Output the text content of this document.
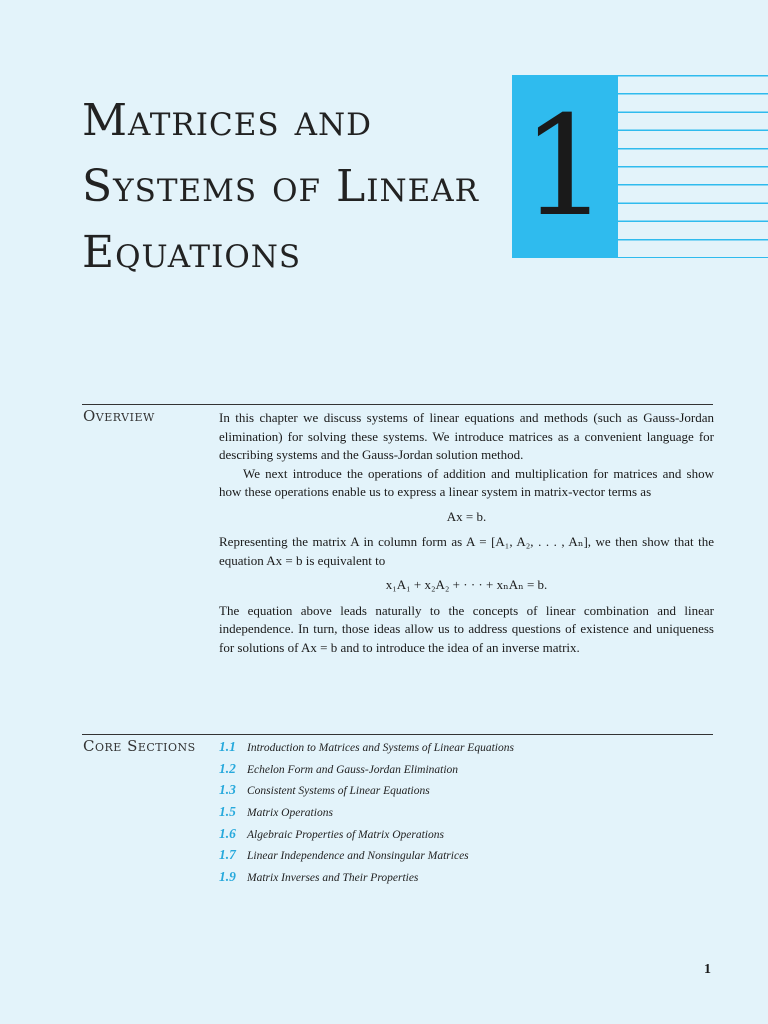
Matrices and
Systems of Linear
Equations
1
Overview	In this chapter we discuss systems of linear equations and methods (such as Gauss-Jordan elimination) for solving these systems. We introduce matrices as a convenient language for describing systems and the Gauss-Jordan solution method.

We next introduce the operations of addition and multiplication for matrices and show how these operations enable us to express a linear system in matrix-vector terms as

Ax = b.

Representing the matrix A in column form as A = [A₁, A₂, . . . , Aₙ], we then show that the equation Ax = b is equivalent to

x₁A₁ + x₂A₂ + · · · + xₙAₙ = b.

The equation above leads naturally to the concepts of linear combination and linear independence. In turn, those ideas allow us to address questions of existence and uniqueness for solutions of Ax = b and to introduce the idea of an inverse matrix.

Core Sections 1.1 Introduction to Matrices and Systems of Linear Equations
1.2 Echelon Form and Gauss-Jordan Elimination
1.3 Consistent Systems of Linear Equations
1.5 Matrix Operations
1.6 Algebraic Properties of Matrix Operations
1.7 Linear Independence and Nonsingular Matrices
1.9 Matrix Inverses and Their Properties
1
